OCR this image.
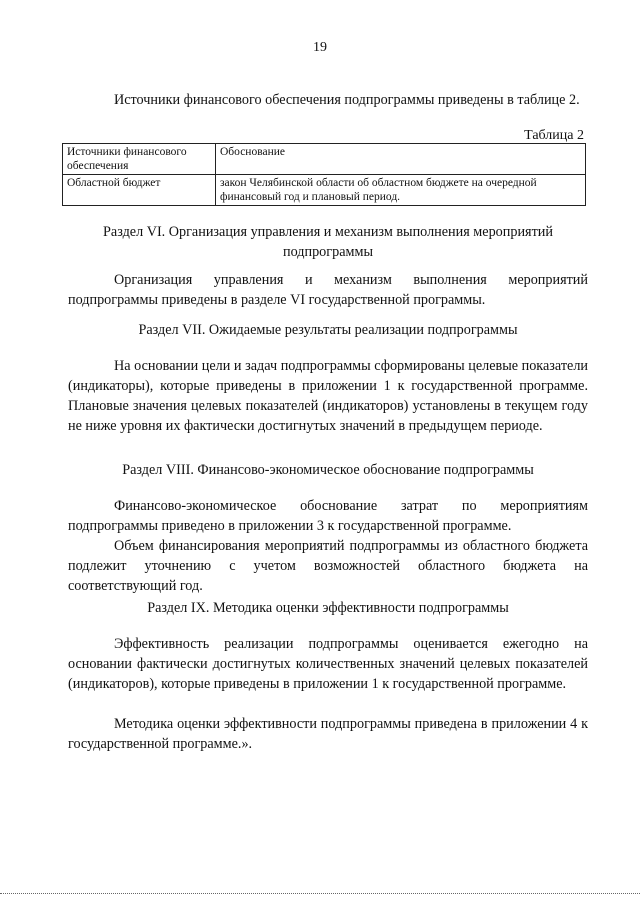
19

Источники финансового обеспечения подпрограммы приведены в таблице 2.

Таблица 2
Источники финансового обеспечения	Обоснование
Областной бюджет	закон Челябинской области об областном бюджете на очередной финансовый год и плановый период.

Раздел VI. Организация управления и механизм выполнения мероприятий подпрограммы

Организация управления и механизм выполнения мероприятий подпрограммы приведены в разделе VI государственной программы.

Раздел VII. Ожидаемые результаты реализации подпрограммы

На основании цели и задач подпрограммы сформированы целевые показатели (индикаторы), которые приведены в приложении 1 к государственной программе. Плановые значения целевых показателей (индикаторов) установлены в текущем году не ниже уровня их фактически достигнутых значений в предыдущем периоде.

Раздел VIII. Финансово-экономическое обоснование подпрограммы

Финансово-экономическое обоснование затрат по мероприятиям подпрограммы приведено в приложении 3 к государственной программе.

Объем финансирования мероприятий подпрограммы из областного бюджета подлежит уточнению с учетом возможностей областного бюджета на соответствующий год.

Раздел IX. Методика оценки эффективности подпрограммы

Эффективность реализации подпрограммы оценивается ежегодно на основании фактически достигнутых количественных значений целевых показателей (индикаторов), которые приведены в приложении 1 к государственной программе.

Методика оценки эффективности подпрограммы приведена в приложении 4 к государственной программе.».
